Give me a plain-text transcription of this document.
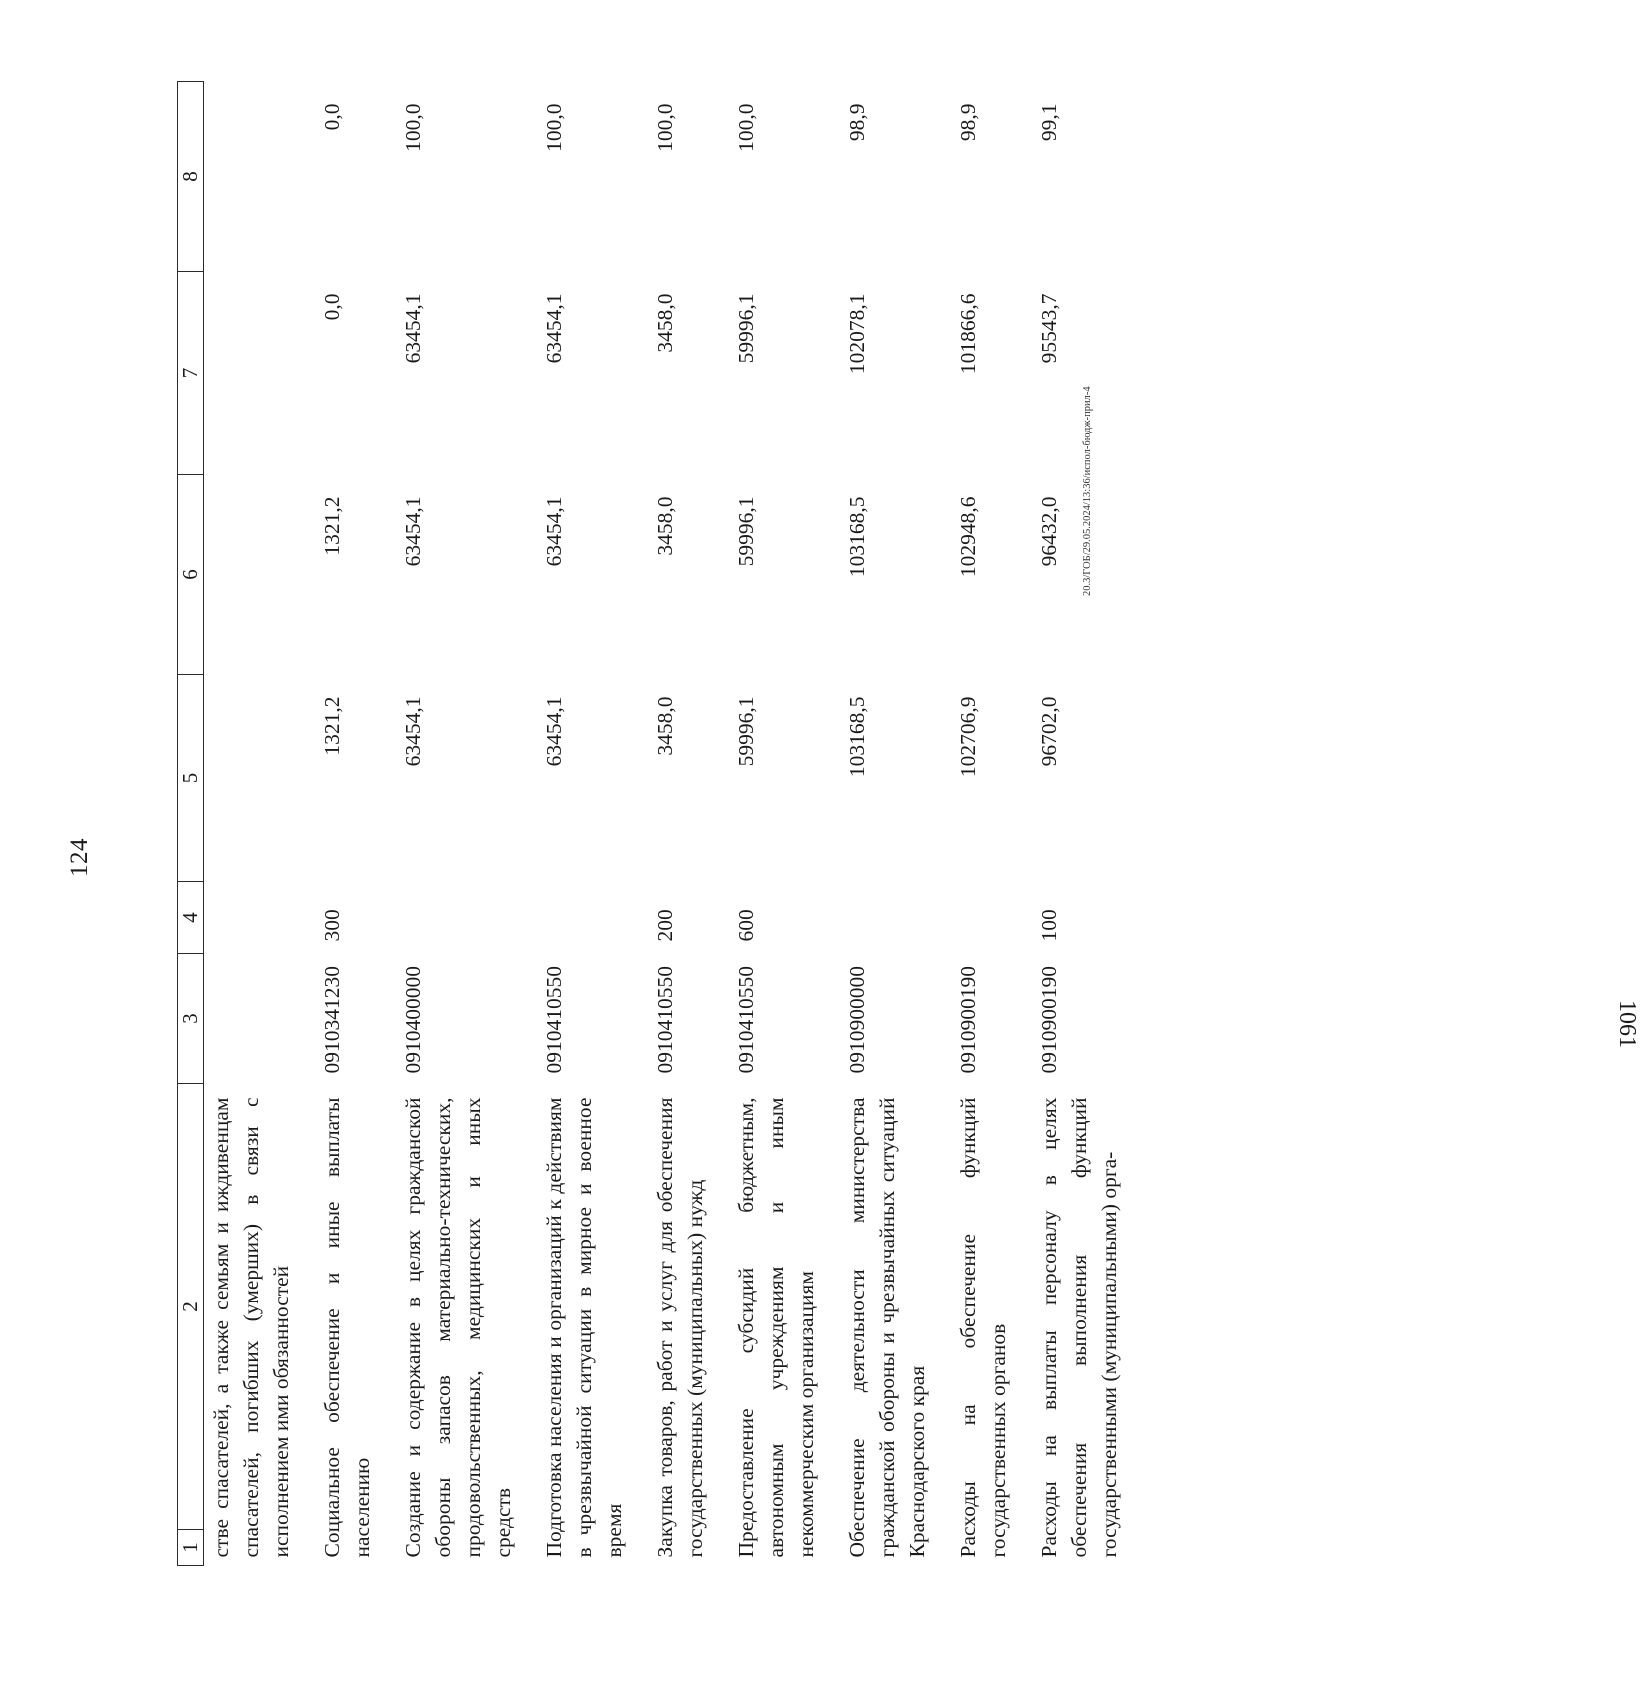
124
1	2	3	4	5	6	7	8
стве спасателей, а также семьям и иждивенцам спасателей, погибших (умерших) в связи с исполнением ими обязанностей							
Социальное обеспечение и иные выплаты населению		0910341230	300	1321,2	1321,2	0,0	0,0
Создание и содержание в целях гражданской обороны запасов материально-технических, продовольственных, медицинских и иных средств		0910400000		63454,1	63454,1	63454,1	100,0
Подготовка населения и организаций к действиям в чрезвычайной ситуации в мирное и военное время		0910410550		63454,1	63454,1	63454,1	100,0
Закупка товаров, работ и услуг для обеспечения государственных (муниципальных) нужд		0910410550	200	3458,0	3458,0	3458,0	100,0
Предоставление субсидий бюджетным, автономным учреждениям и иным некоммерческим организациям		0910410550	600	59996,1	59996,1	59996,1	100,0
Обеспечение деятельности министерства гражданской обороны и чрезвычайных ситуаций Краснодарского края		0910900000		103168,5	103168,5	102078,1	98,9
Расходы на обеспечение функций государственных органов		0910900190		102706,9	102948,6	101866,6	98,9
Расходы на выплаты персоналу в целях обеспечения выполнения функций государственными (муниципальными) орга-		0910900190	100	96702,0	96432,0	95543,7	99,1
20.3/ГОБ/29.05.2024/13:36/испол-бюдж-прил-4
1061
